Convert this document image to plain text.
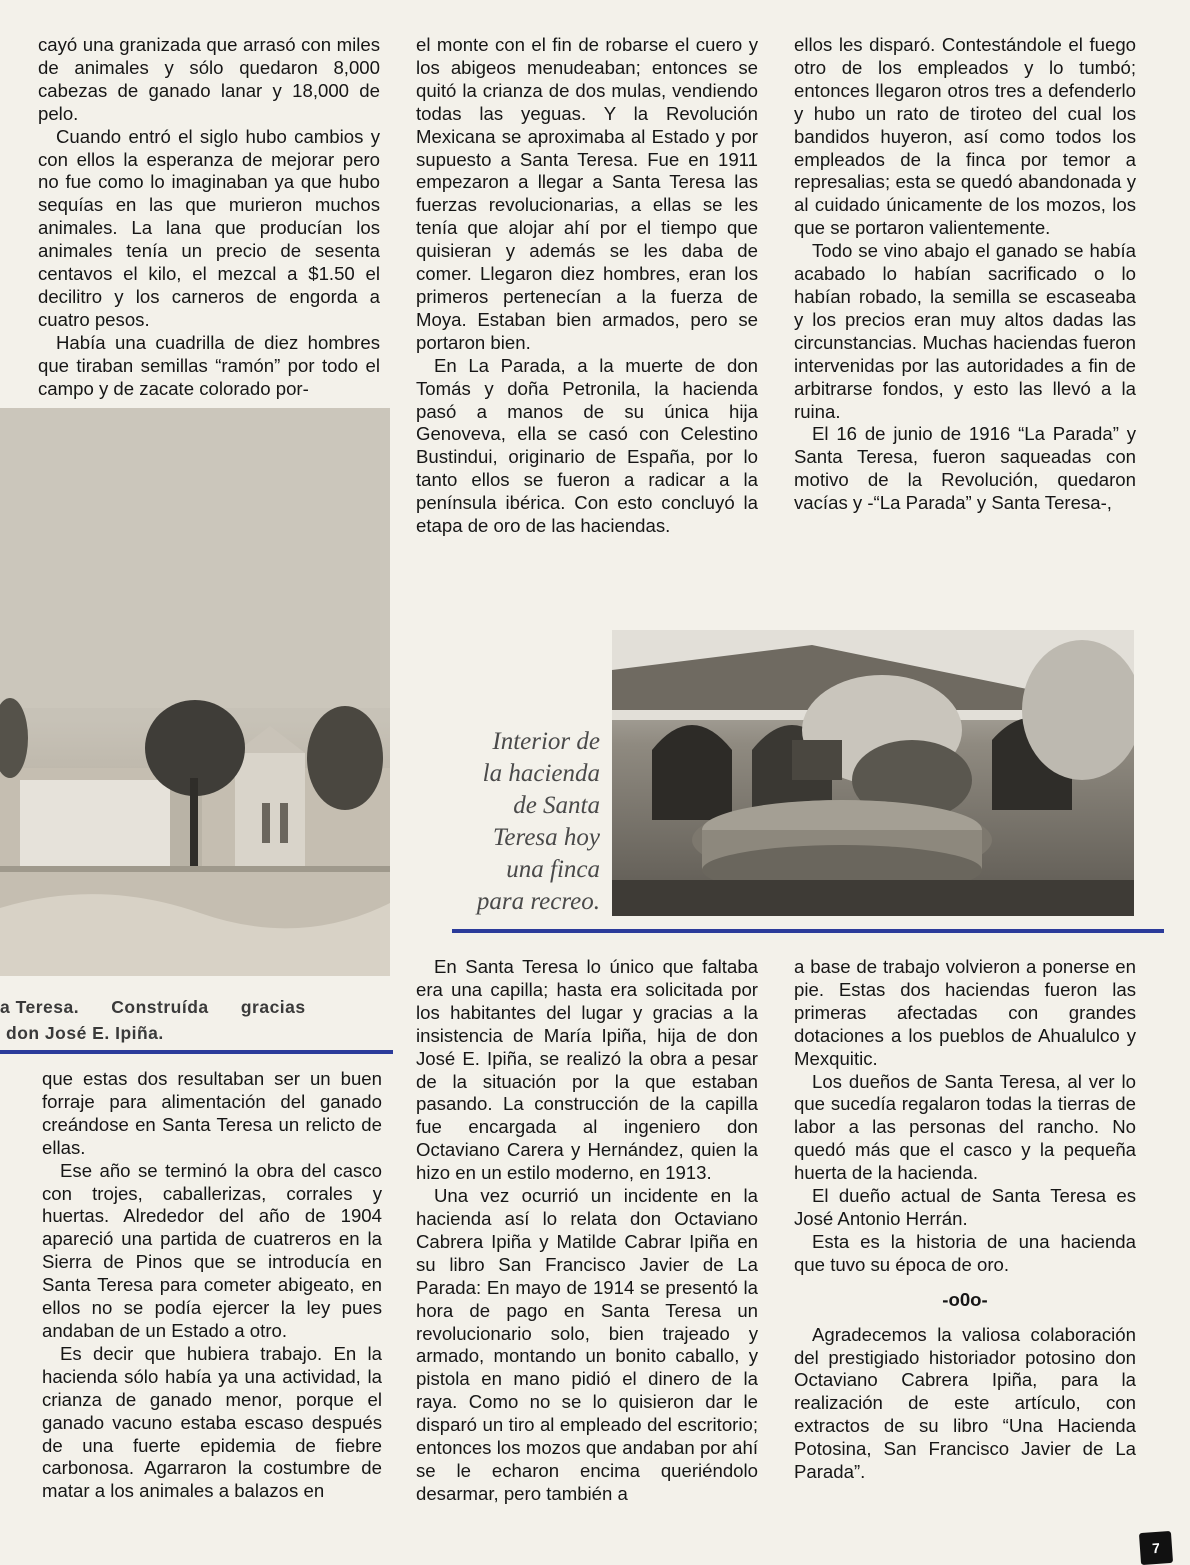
cayó una granizada que arrasó con miles de animales y sólo quedaron 8,000 cabezas de ganado lanar y 18,000 de pelo.

Cuando entró el siglo hubo cambios y con ellos la esperanza de mejorar pero no fue como lo imaginaban ya que hubo sequías en las que murieron muchos animales. La lana que producían los animales tenía un precio de sesenta centavos el kilo, el mezcal a $1.50 el decilitro y los carneros de engorda a cuatro pesos.

Había una cuadrilla de diez hombres que tiraban semillas “ramón” por todo el campo y de zacate colorado por-

el monte con el fin de robarse el cuero y los abigeos menudeaban; entonces se quitó la crianza de dos mulas, vendiendo todas las yeguas. Y la Revolución Mexicana se aproximaba al Estado y por supuesto a Santa Teresa. Fue en 1911 empezaron a llegar a Santa Teresa las fuerzas revolucionarias, a ellas se les tenía que alojar ahí por el tiempo que quisieran y además se les daba de comer. Llegaron diez hombres, eran los primeros pertenecían a la fuerza de Moya. Estaban bien armados, pero se portaron bien.

En La Parada, a la muerte de don Tomás y doña Petronila, la hacienda pasó a manos de su única hija Genoveva, ella se casó con Celestino Bustindui, originario de España, por lo tanto ellos se fueron a radicar a la península ibérica. Con esto concluyó la etapa de oro de las haciendas.

ellos les disparó. Contestándole el fuego otro de los empleados y lo tumbó; entonces llegaron otros tres a defenderlo y hubo un rato de tiroteo del cual los bandidos huyeron, así como todos los empleados de la finca por temor a represalias; esta se quedó abandonada y al cuidado únicamente de los mozos, los que se portaron valientemente.

Todo se vino abajo el ganado se había acabado lo habían sacrificado o lo habían robado, la semilla se escaseaba y los precios eran muy altos dadas las circunstancias. Muchas haciendas fueron intervenidas por las autoridades a fin de arbitrarse fondos, y esto las llevó a la ruina.

El 16 de junio de 1916 “La Parada” y Santa Teresa, fueron saqueadas con motivo de la Revolución, quedaron vacías y -“La Parada” y Santa Teresa-,

a Teresa. Construída gracias
don José E. Ipiña.
Interior de
la hacienda
de Santa
Teresa hoy
una finca
para recreo.

que estas dos resultaban ser un buen forraje para alimentación del ganado creándose en Santa Teresa un relicto de ellas.

Ese año se terminó la obra del casco con trojes, caballerizas, corrales y huertas. Alrededor del año de 1904 apareció una partida de cuatreros en la Sierra de Pinos que se introducía en Santa Teresa para cometer abigeato, en ellos no se podía ejercer la ley pues andaban de un Estado a otro.

Es decir que hubiera trabajo. En la hacienda sólo había ya una actividad, la crianza de ganado menor, porque el ganado vacuno estaba escaso después de una fuerte epidemia de fiebre carbonosa. Agarraron la costumbre de matar a los animales a balazos en

En Santa Teresa lo único que faltaba era una capilla; hasta era solicitada por los habitantes del lugar y gracias a la insistencia de María Ipiña, hija de don José E. Ipiña, se realizó la obra a pesar de la situación por la que estaban pasando. La construcción de la capilla fue encargada al ingeniero don Octaviano Carera y Hernández, quien la hizo en un estilo moderno, en 1913.

Una vez ocurrió un incidente en la hacienda así lo relata don Octaviano Cabrera Ipiña y Matilde Cabrar Ipiña en su libro San Francisco Javier de La Parada: En mayo de 1914 se presentó la hora de pago en Santa Teresa un revolucionario solo, bien trajeado y armado, montando un bonito caballo, y pistola en mano pidió el dinero de la raya. Como no se lo quisieron dar le disparó un tiro al empleado del escritorio; entonces los mozos que andaban por ahí se le echaron encima queriéndolo desarmar, pero también a

a base de trabajo volvieron a ponerse en pie. Estas dos haciendas fueron las primeras afectadas con grandes dotaciones a los pueblos de Ahualulco y Mexquitic.

Los dueños de Santa Teresa, al ver lo que sucedía regalaron todas la tierras de labor a las personas del rancho. No quedó más que el casco y la pequeña huerta de la hacienda.

El dueño actual de Santa Teresa es José Antonio Herrán.

Esta es la historia de una hacienda que tuvo su época de oro.

-o0o-

Agradecemos la valiosa colaboración del prestigiado historiador potosino don Octaviano Cabrera Ipiña, para la realización de este artículo, con extractos de su libro “Una Hacienda Potosina, San Francisco Javier de La Parada”.

7
